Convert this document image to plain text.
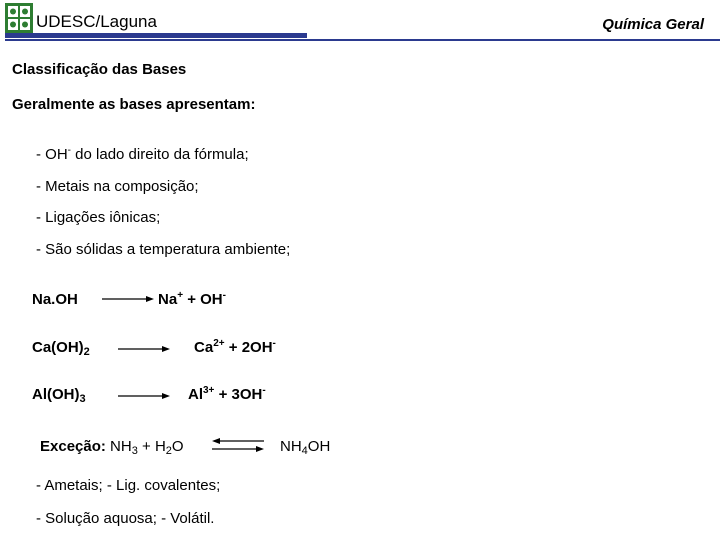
UDESC/Laguna	Química Geral
Classificação das Bases
Geralmente as bases apresentam:
- OH- do lado direito da fórmula;
- Metais na composição;
- Ligações iônicas;
- São sólidas a temperatura ambiente;
Na.OH → Na+ + OH-
$Ca(OH)_2 \to Ca^{2+} + 2OH^-$
$Al(OH)_3 \to Al^{3+} + 3OH^-$
Exceção: $NH_3 + H_2O$ ⇌ $NH_4OH$
- Ametais; - Lig. covalentes;
- Solução aquosa; - Volátil.
